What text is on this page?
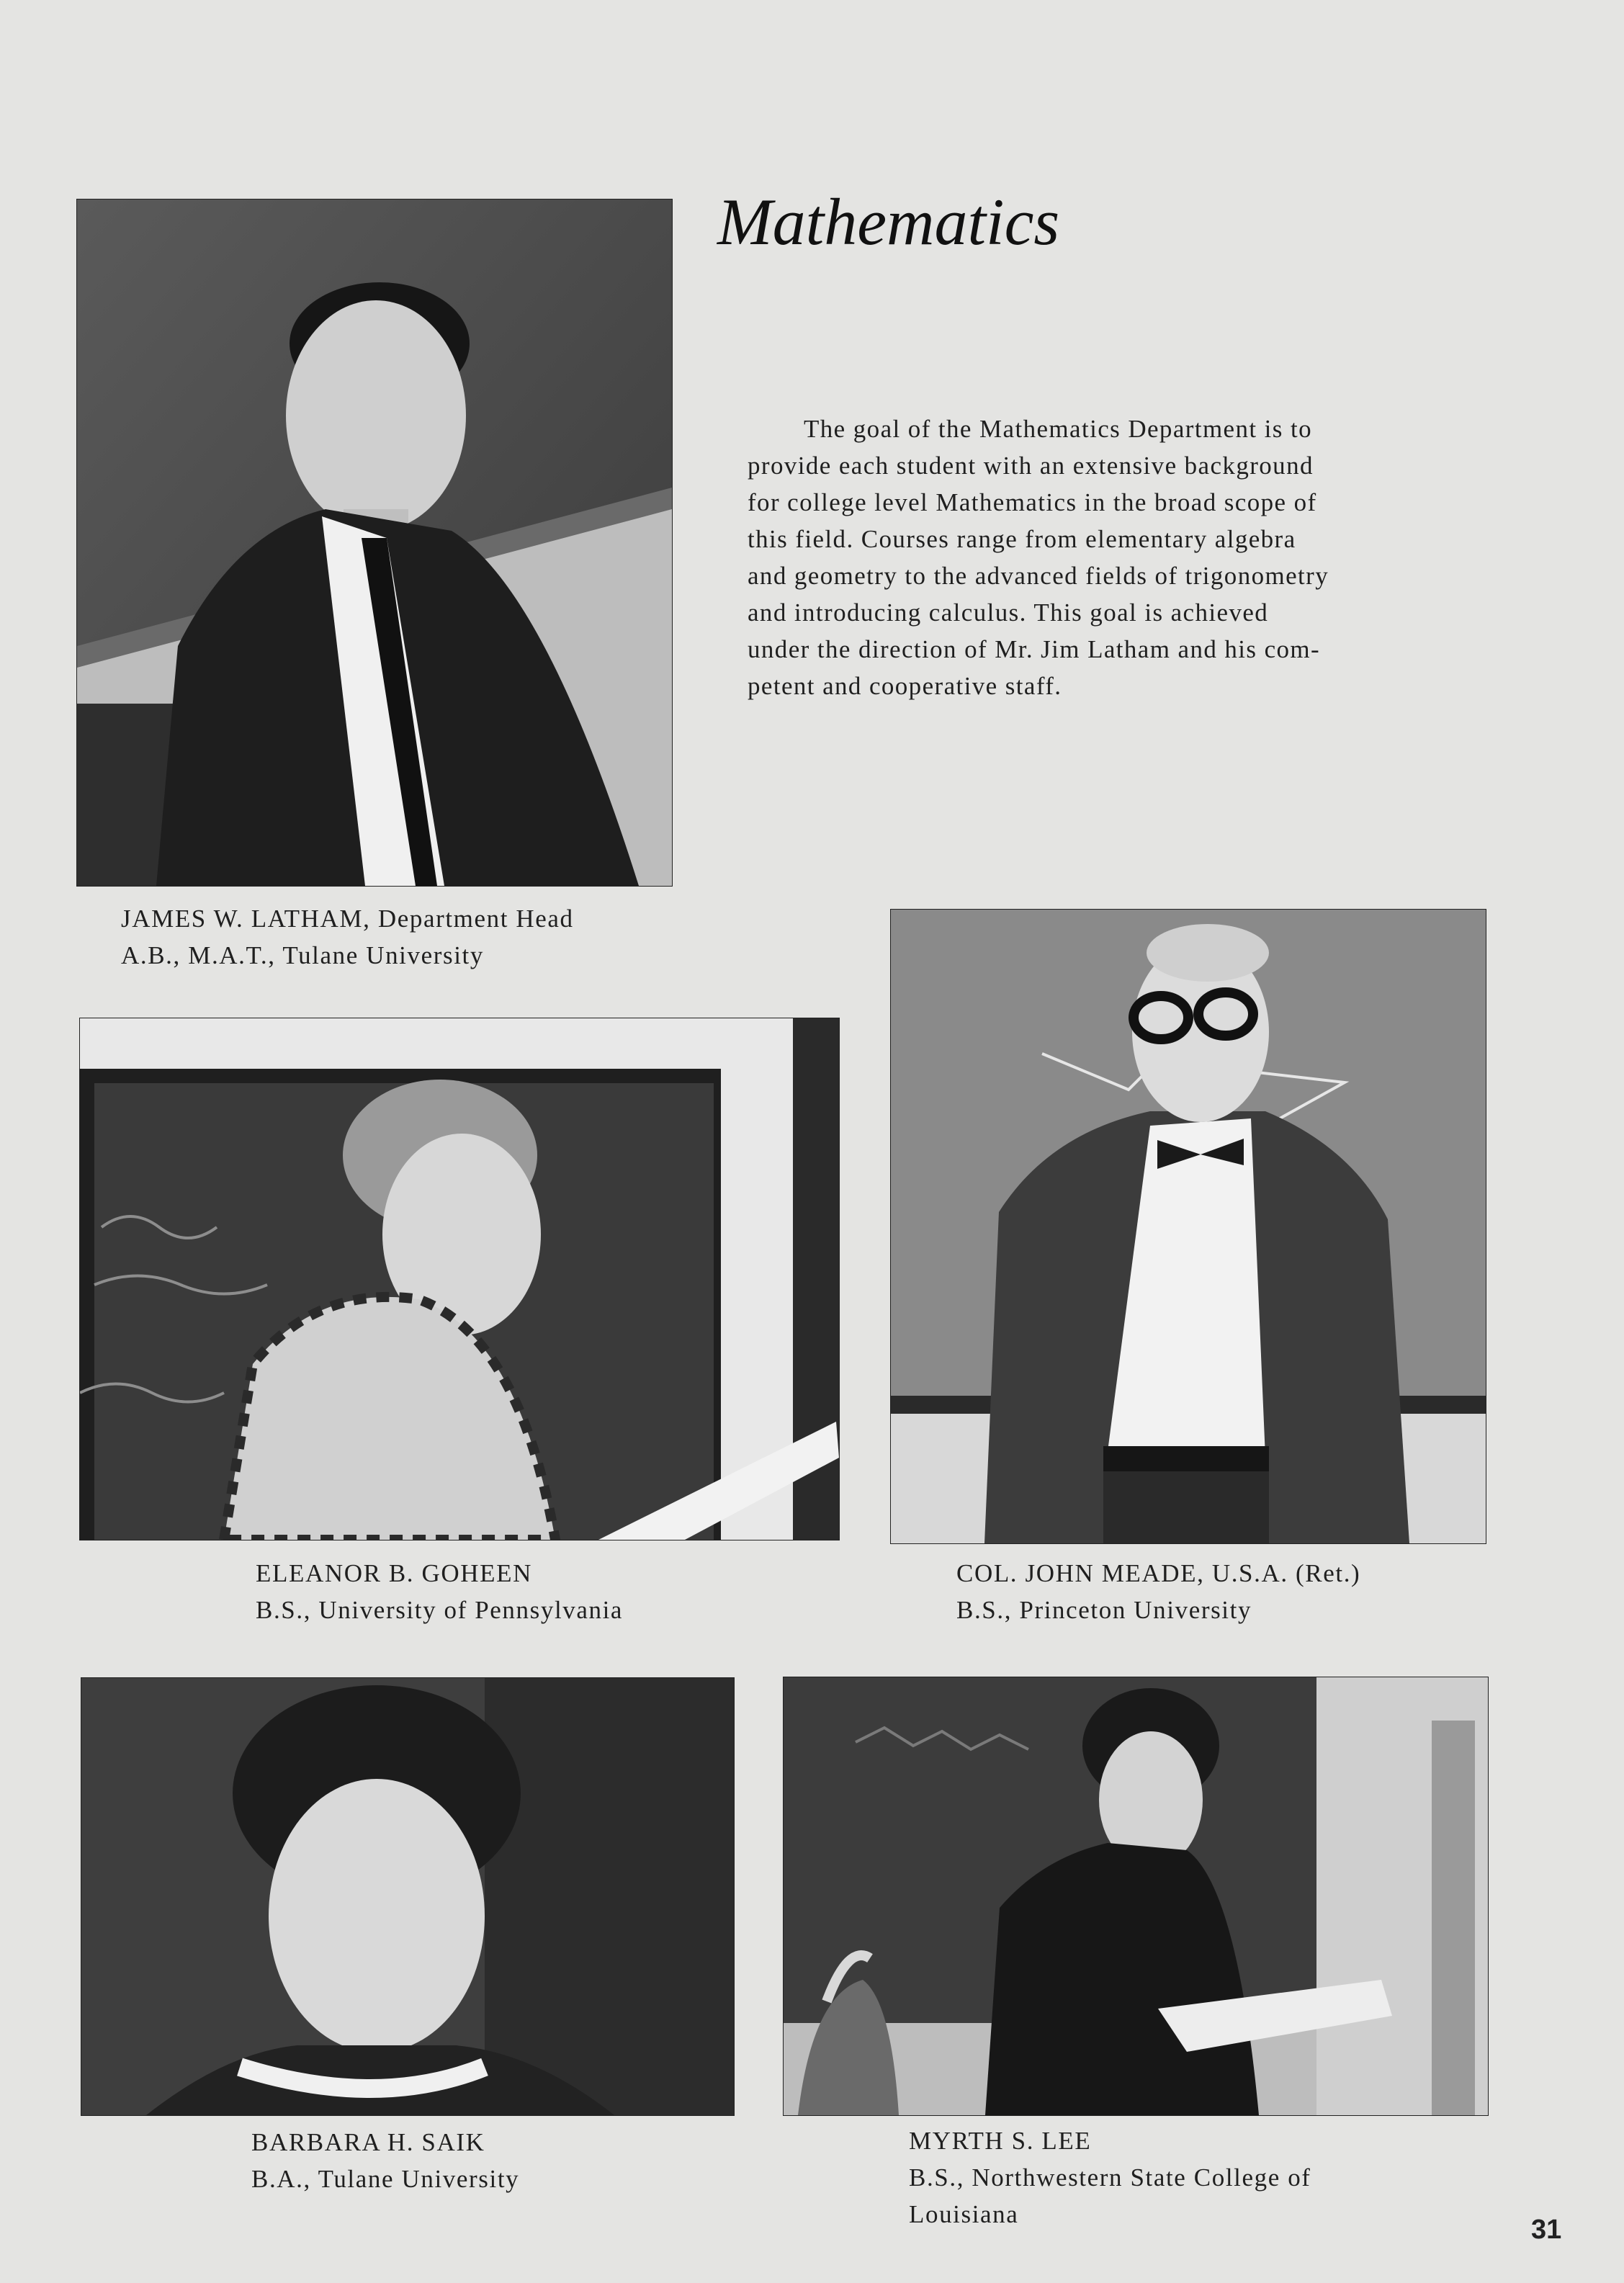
Mathematics
The goal of the Mathematics Department is to
provide each student with an extensive background
for college level Mathematics in the broad scope of
this field. Courses range from elementary algebra
and geometry to the advanced fields of trigonometry
and introducing calculus. This goal is achieved
under the direction of Mr. Jim Latham and his com-
petent and cooperative staff.
JAMES W. LATHAM, Department Head
A.B., M.A.T., Tulane University
ELEANOR B. GOHEEN
B.S., University of Pennsylvania
COL. JOHN MEADE, U.S.A. (Ret.)
B.S., Princeton University
BARBARA H. SAIK
B.A., Tulane University
MYRTH S. LEE
B.S., Northwestern State College of
Louisiana
31
